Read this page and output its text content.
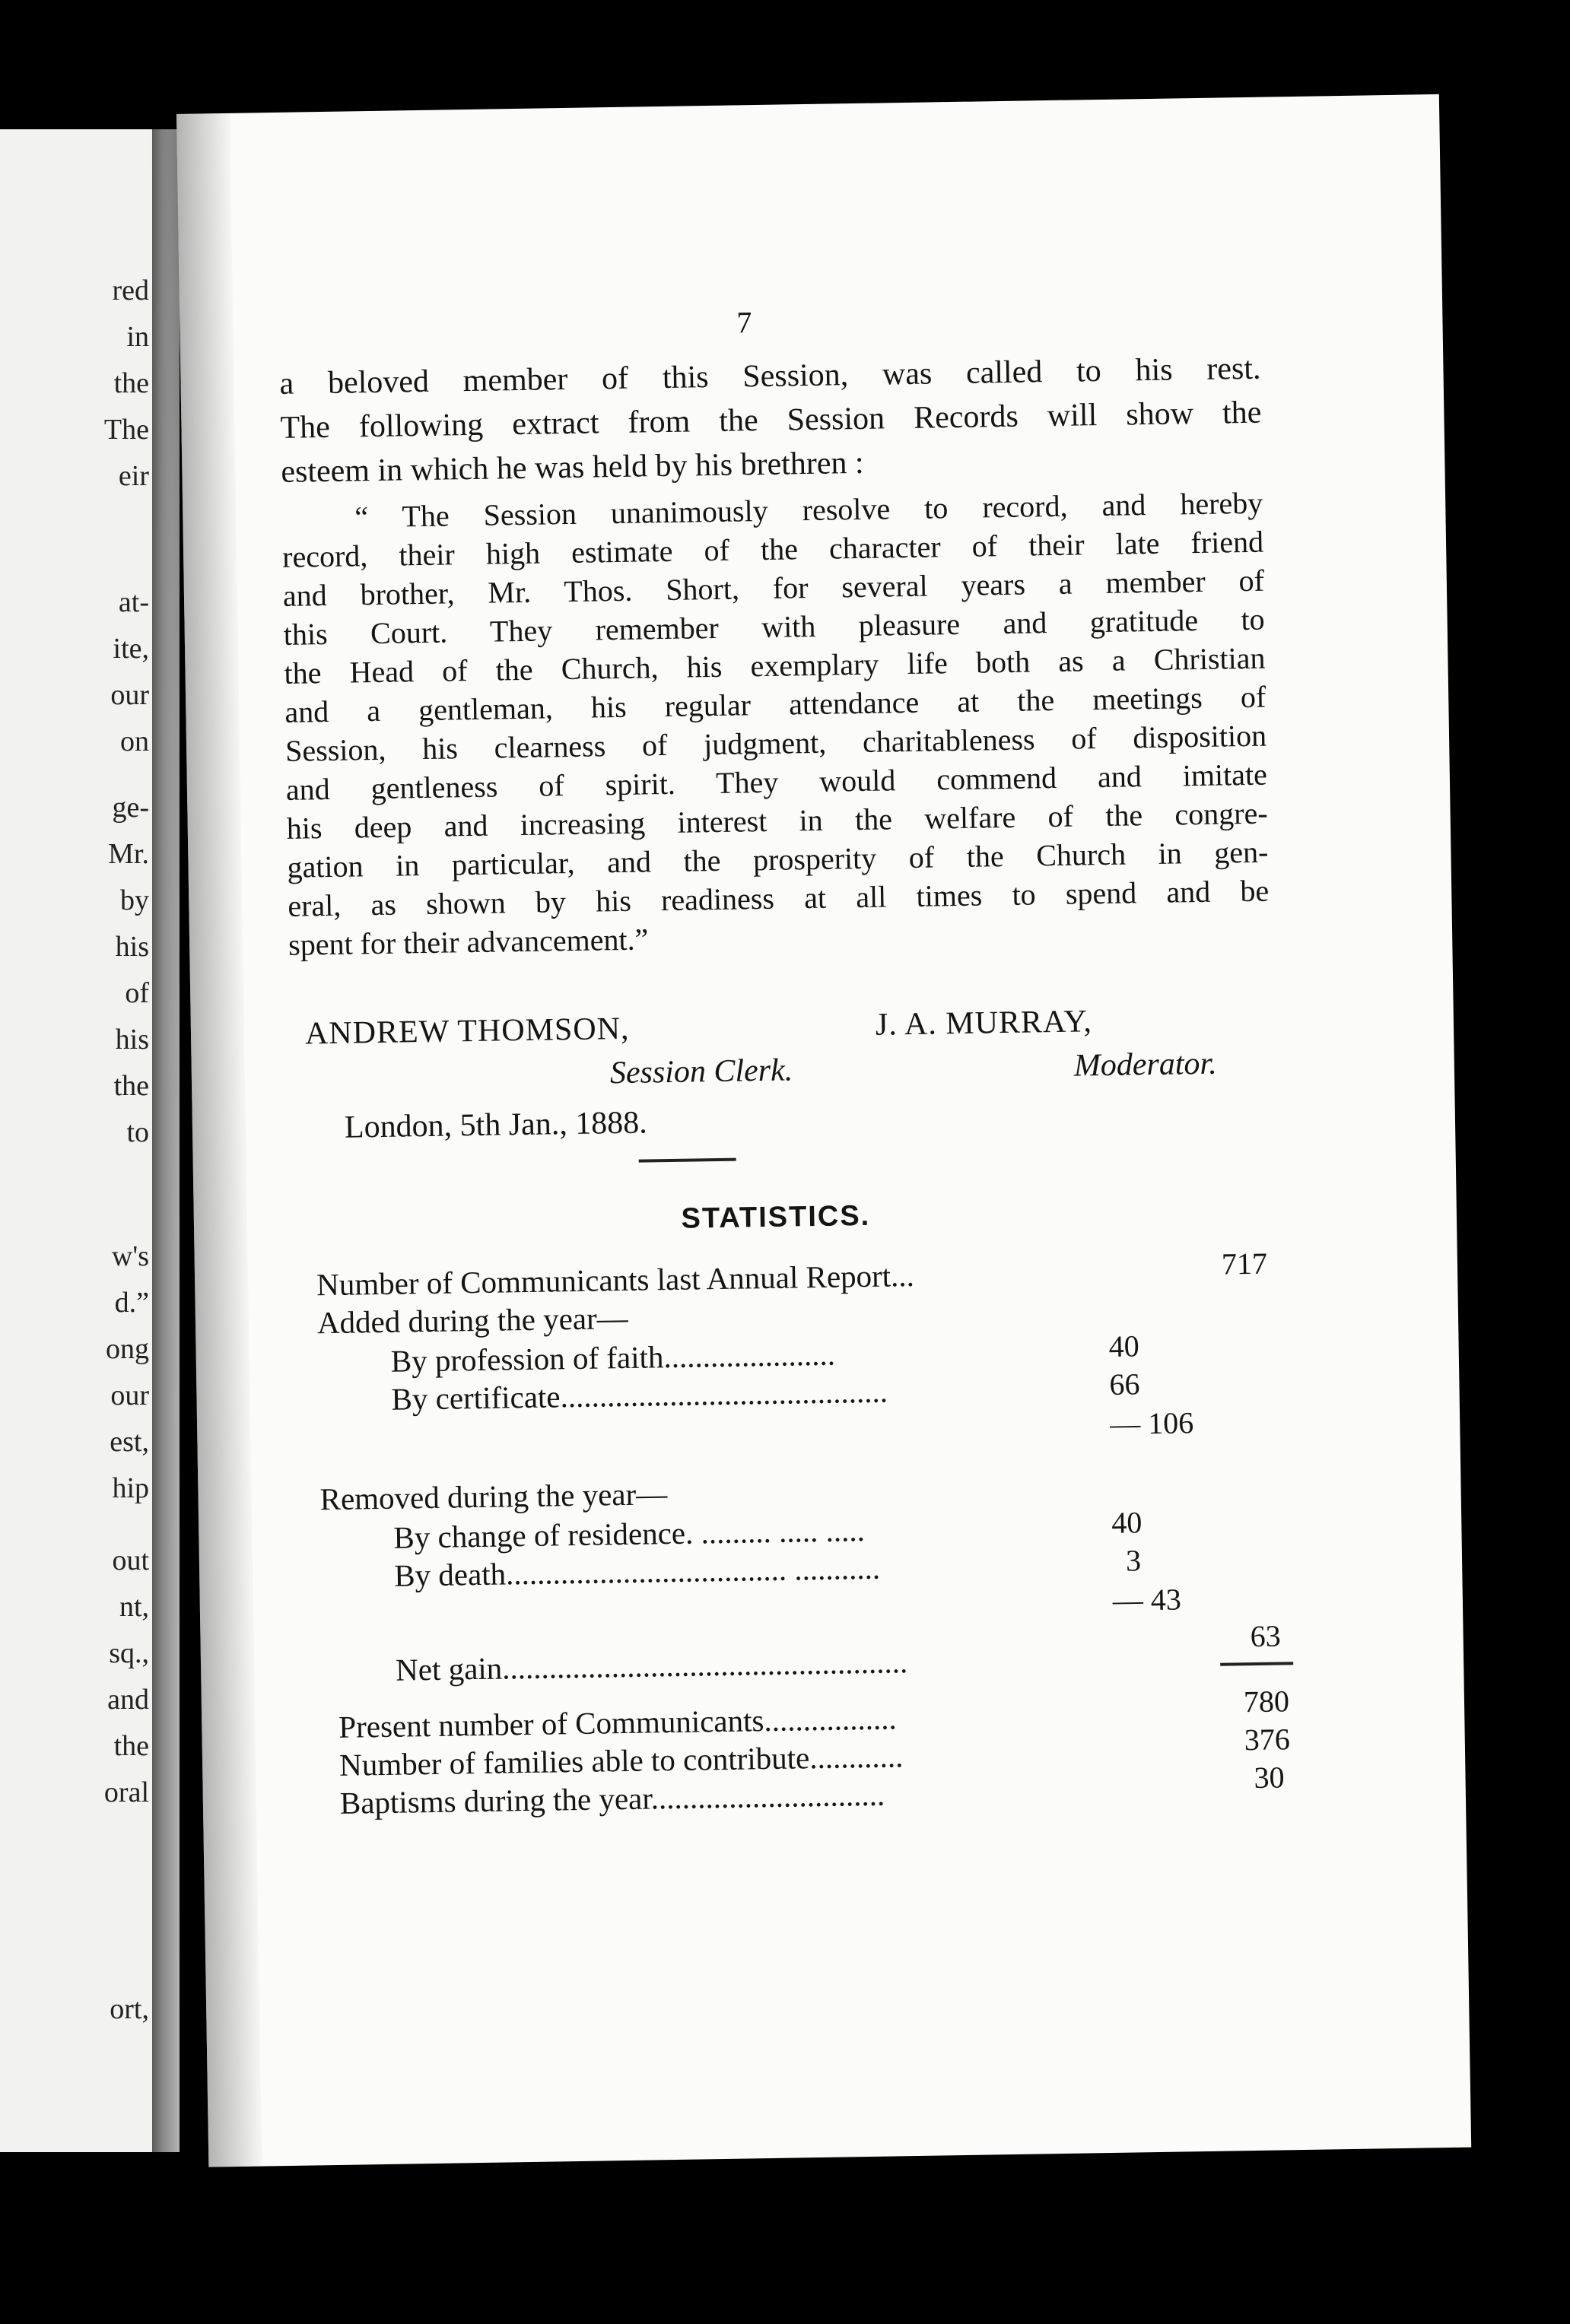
red
in
the
The
eir
at-
ite,
our
on
ge-
Mr.
by
his
of
his
the
to
w's
d.”
ong
our
est,
hip
out
nt,
sq.,
and
the
oral
ort,
7
a beloved member of this Session, was called to his rest.
The following extract from the Session Records will show the
esteem in which he was held by his brethren :
“ The Session unanimously resolve to record, and hereby
record, their high estimate of the character of their late friend
and brother, Mr. Thos. Short, for several years a member of
this Court. They remember with pleasure and gratitude to
the Head of the Church, his exemplary life both as a Christian
and a gentleman, his regular attendance at the meetings of
Session, his clearness of judgment, charitableness of disposition
and gentleness of spirit. They would commend and imitate
his deep and increasing interest in the welfare of the congre-
gation in particular, and the prosperity of the Church in gen-
eral, as shown by his readiness at all times to spend and be
spent for their advancement.”
ANDREW THOMSON,
Session Clerk.
J. A. MURRAY,
Moderator.
London, 5th Jan., 1888.
STATISTICS.
Number of Communicants last Annual Report...	717
Added during the year—
By profession of faith......................	40
By certificate..........................................	66
— 106
Removed during the year—
By change of residence. ......... ..... .....	40
By death.................................... ...........	3
— 43
Net gain....................................................
63
Present number of Communicants.................	780
Number of families able to contribute............	376
Baptisms during the year..............................	30
